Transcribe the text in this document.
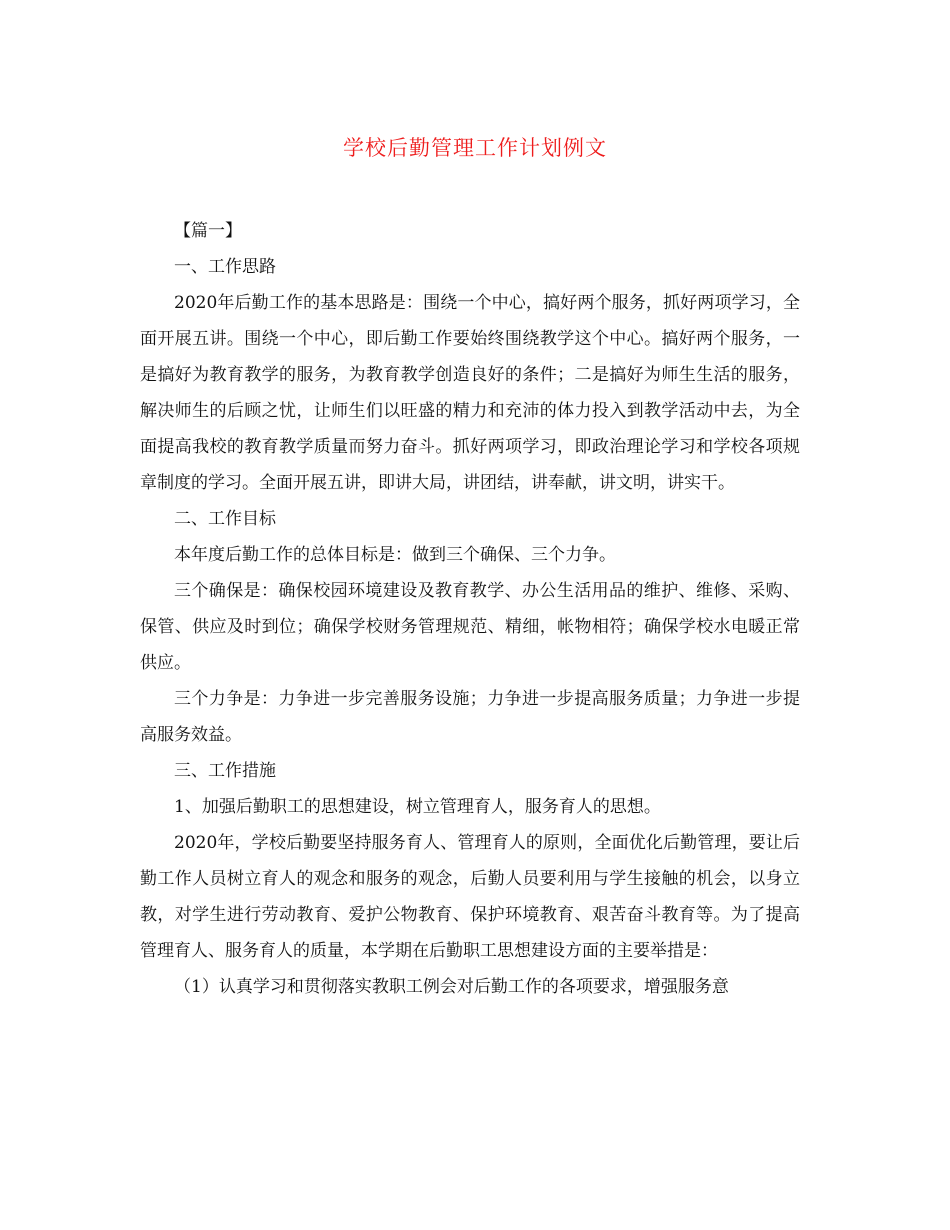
学校后勤管理工作计划例文

【篇一】

一、工作思路

2020年后勤工作的基本思路是：围绕一个中心，搞好两个服务，抓好两项学习，全面开展五讲。围绕一个中心，即后勤工作要始终围绕教学这个中心。搞好两个服务，一是搞好为教育教学的服务，为教育教学创造良好的条件；二是搞好为师生生活的服务，解决师生的后顾之忧，让师生们以旺盛的精力和充沛的体力投入到教学活动中去，为全面提高我校的教育教学质量而努力奋斗。抓好两项学习，即政治理论学习和学校各项规章制度的学习。全面开展五讲，即讲大局，讲团结，讲奉献，讲文明，讲实干。

二、工作目标

本年度后勤工作的总体目标是：做到三个确保、三个力争。

三个确保是：确保校园环境建设及教育教学、办公生活用品的维护、维修、采购、保管、供应及时到位；确保学校财务管理规范、精细，帐物相符；确保学校水电暖正常供应。

三个力争是：力争进一步完善服务设施；力争进一步提高服务质量；力争进一步提高服务效益。

三、工作措施

1、加强后勤职工的思想建设，树立管理育人，服务育人的思想。

2020年，学校后勤要坚持服务育人、管理育人的原则，全面优化后勤管理，要让后勤工作人员树立育人的观念和服务的观念，后勤人员要利用与学生接触的机会，以身立教，对学生进行劳动教育、爱护公物教育、保护环境教育、艰苦奋斗教育等。为了提高管理育人、服务育人的质量，本学期在后勤职工思想建设方面的主要举措是：

（1）认真学习和贯彻落实教职工例会对后勤工作的各项要求，增强服务意
